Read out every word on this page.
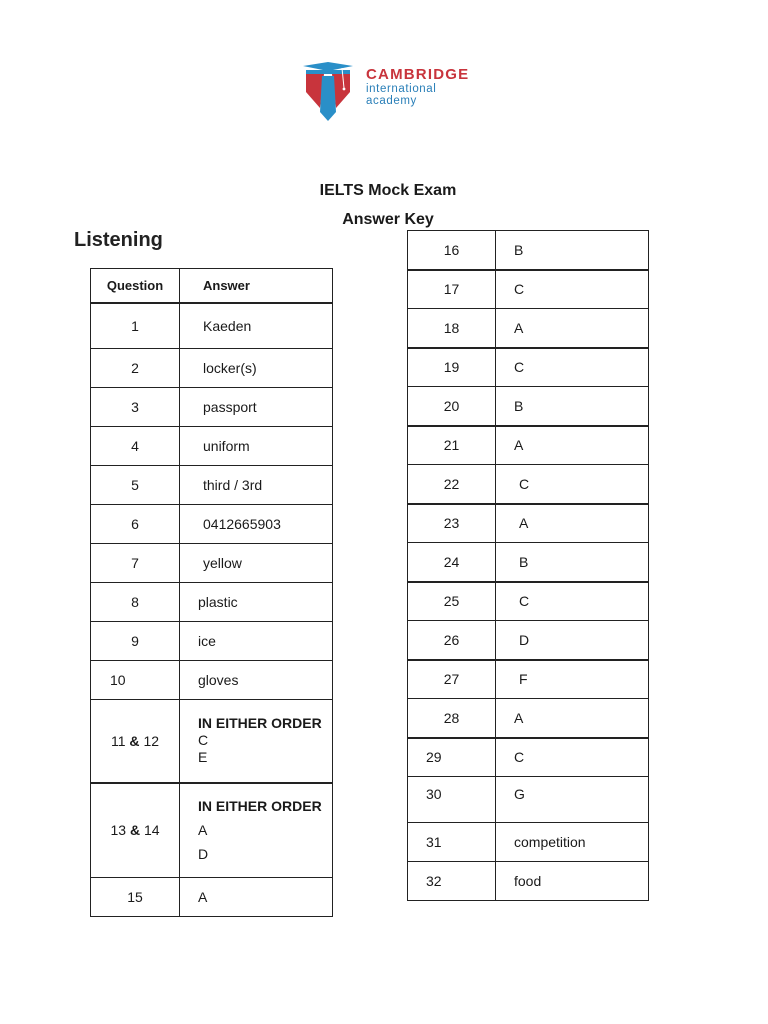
CAMBRIDGE
international
academy
IELTS Mock Exam
Answer Key
Listening
Question	Answer
1	Kaeden
2	locker(s)
3	passport
4	uniform
5	third / 3rd
6	0412665903
7	yellow
8	plastic
9	ice
10	gloves
11 & 12	IN EITHER ORDER
C
E

13 & 14	IN EITHER ORDER
A
D

15	A
16	B
17	C
18	A
19	C
20	B
21	A
22	C
23	A
24	B
25	C
26	D
27	F
28	A
29	C
30	G
31	competition
32	food
